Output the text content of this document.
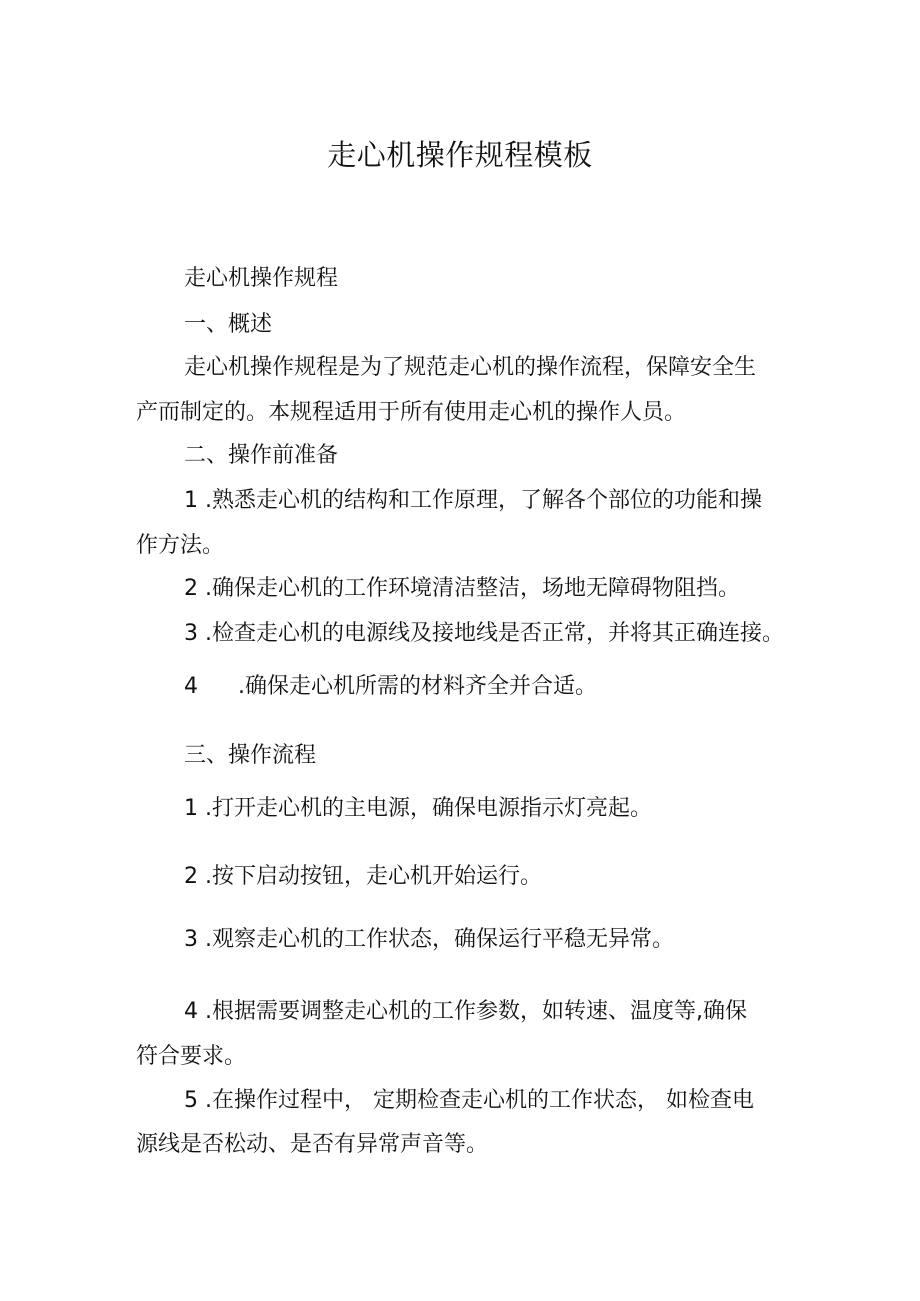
走心机操作规程模板
走心机操作规程
一、概述
走心机操作规程是为了规范走心机的操作流程，保障安全生
产而制定的。本规程适用于所有使用走心机的操作人员。
二、操作前准备
1 .熟悉走心机的结构和工作原理，了解各个部位的功能和操
作方法。
2 .确保走心机的工作环境清洁整洁，场地无障碍物阻挡。
3 .检查走心机的电源线及接地线是否正常，并将其正确连接。
4 .确保走心机所需的材料齐全并合适。
三、操作流程
1 .打开走心机的主电源，确保电源指示灯亮起。
2 .按下启动按钮，走心机开始运行。
3 .观察走心机的工作状态，确保运行平稳无异常。
4 .根据需要调整走心机的工作参数，如转速、温度等,确保
符合要求。
5 .在操作过程中， 定期检查走心机的工作状态， 如检查电
源线是否松动、是否有异常声音等。
